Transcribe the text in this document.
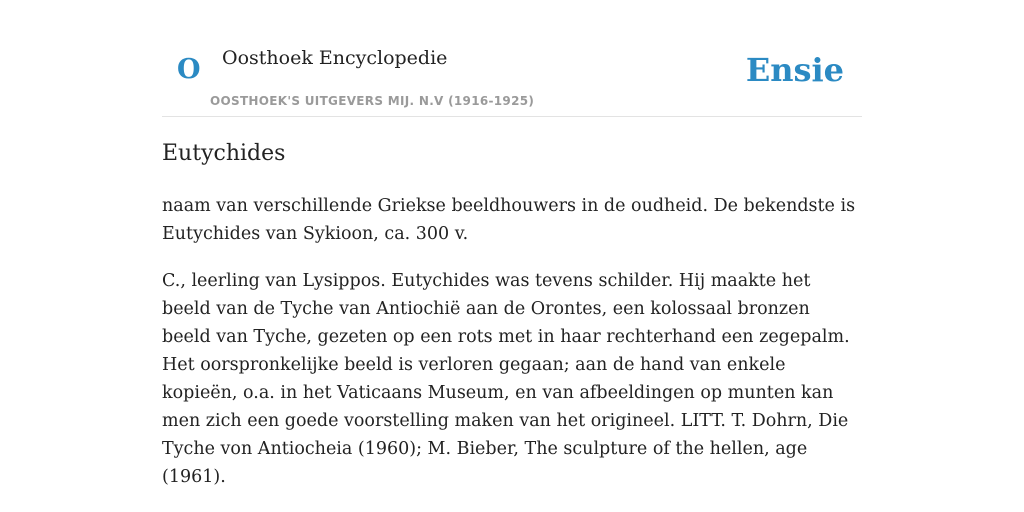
O Oosthoek Encyclopedie
OOSTHOEK'S UITGEVERS MIJ. N.V (1916-1925)
Ensie
Eutychides

naam van verschillende Griekse beeldhouwers in de oudheid. De bekendste is Eutychides van Sykioon, ca. 300 v.

C., leerling van Lysippos. Eutychides was tevens schilder. Hij maakte het beeld van de Tyche van Antiochië aan de Orontes, een kolossaal bronzen beeld van Tyche, gezeten op een rots met in haar rechterhand een zegepalm. Het oorspronkelijke beeld is verloren gegaan; aan de hand van enkele kopieën, o.a. in het Vaticaans Museum, en van afbeeldingen op munten kan men zich een goede voorstelling maken van het origineel. LITT. T. Dohrn, Die Tyche von Antiocheia (1960); M. Bieber, The sculpture of the hellen, age (1961).
